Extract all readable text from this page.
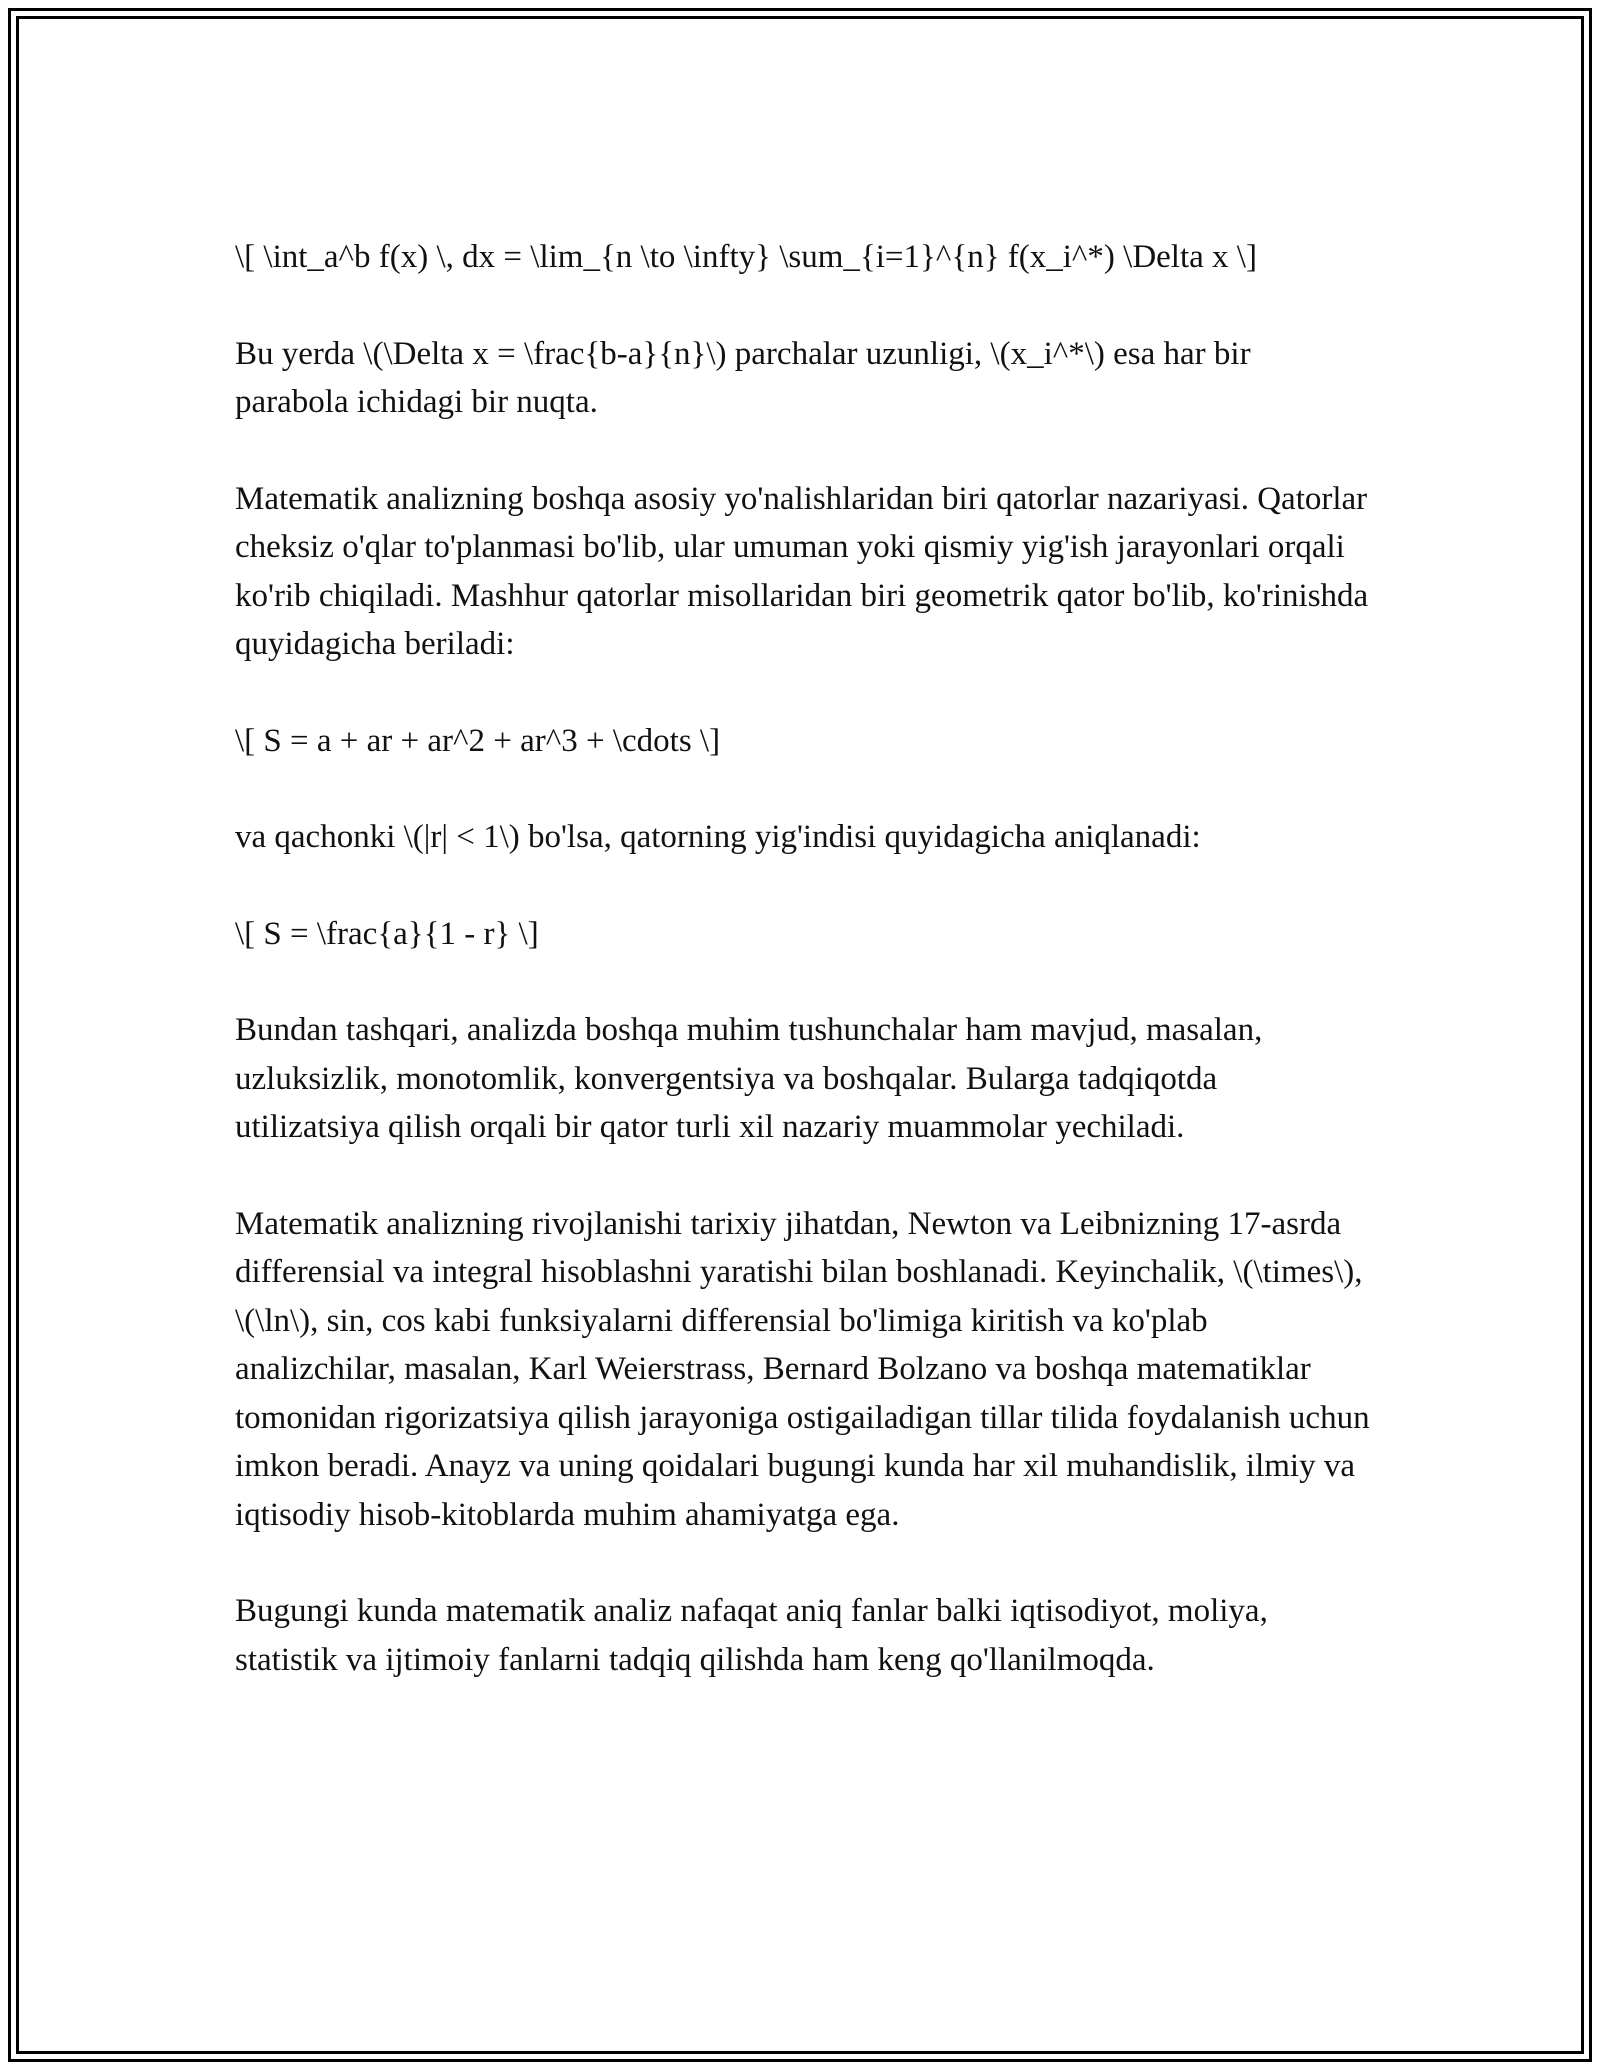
\[ \int_a^b f(x) \, dx = \lim_{n \to \infty} \sum_{i=1}^{n} f(x_i^*) \Delta x \]

Bu yerda \(\Delta x = \frac{b-a}{n}\) parchalar uzunligi, \(x_i^*\) esa har bir parabola ichidagi bir nuqta.

Matematik analizning boshqa asosiy yo'nalishlaridan biri qatorlar nazariyasi. Qatorlar cheksiz o'qlar to'planmasi bo'lib, ular umuman yoki qismiy yig'ish jarayonlari orqali ko'rib chiqiladi. Mashhur qatorlar misollaridan biri geometrik qator bo'lib, ko'rinishda quyidagicha beriladi:

\[ S = a + ar + ar^2 + ar^3 + \cdots \]

va qachonki \(|r| < 1\) bo'lsa, qatorning yig'indisi quyidagicha aniqlanadi:

\[ S = \frac{a}{1 - r} \]

Bundan tashqari, analizda boshqa muhim tushunchalar ham mavjud, masalan, uzluksizlik, monotomlik, konvergentsiya va boshqalar. Bularga tadqiqotda utilizatsiya qilish orqali bir qator turli xil nazariy muammolar yechiladi.

Matematik analizning rivojlanishi tarixiy jihatdan, Newton va Leibnizning 17-asrda differensial va integral hisoblashni yaratishi bilan boshlanadi. Keyinchalik, \(\times\), \(\ln\), sin, cos kabi funksiyalarni differensial bo'limiga kiritish va ko'plab analizchilar, masalan, Karl Weierstrass, Bernard Bolzano va boshqa matematiklar tomonidan rigorizatsiya qilish jarayoniga ostigailadigan tillar tilida foydalanish uchun imkon beradi. Anayz va uning qoidalari bugungi kunda har xil muhandislik, ilmiy va iqtisodiy hisob-kitoblarda muhim ahamiyatga ega.

Bugungi kunda matematik analiz nafaqat aniq fanlar balki iqtisodiyot, moliya, statistik va ijtimoiy fanlarni tadqiq qilishda ham keng qo'llanilmoqda.
